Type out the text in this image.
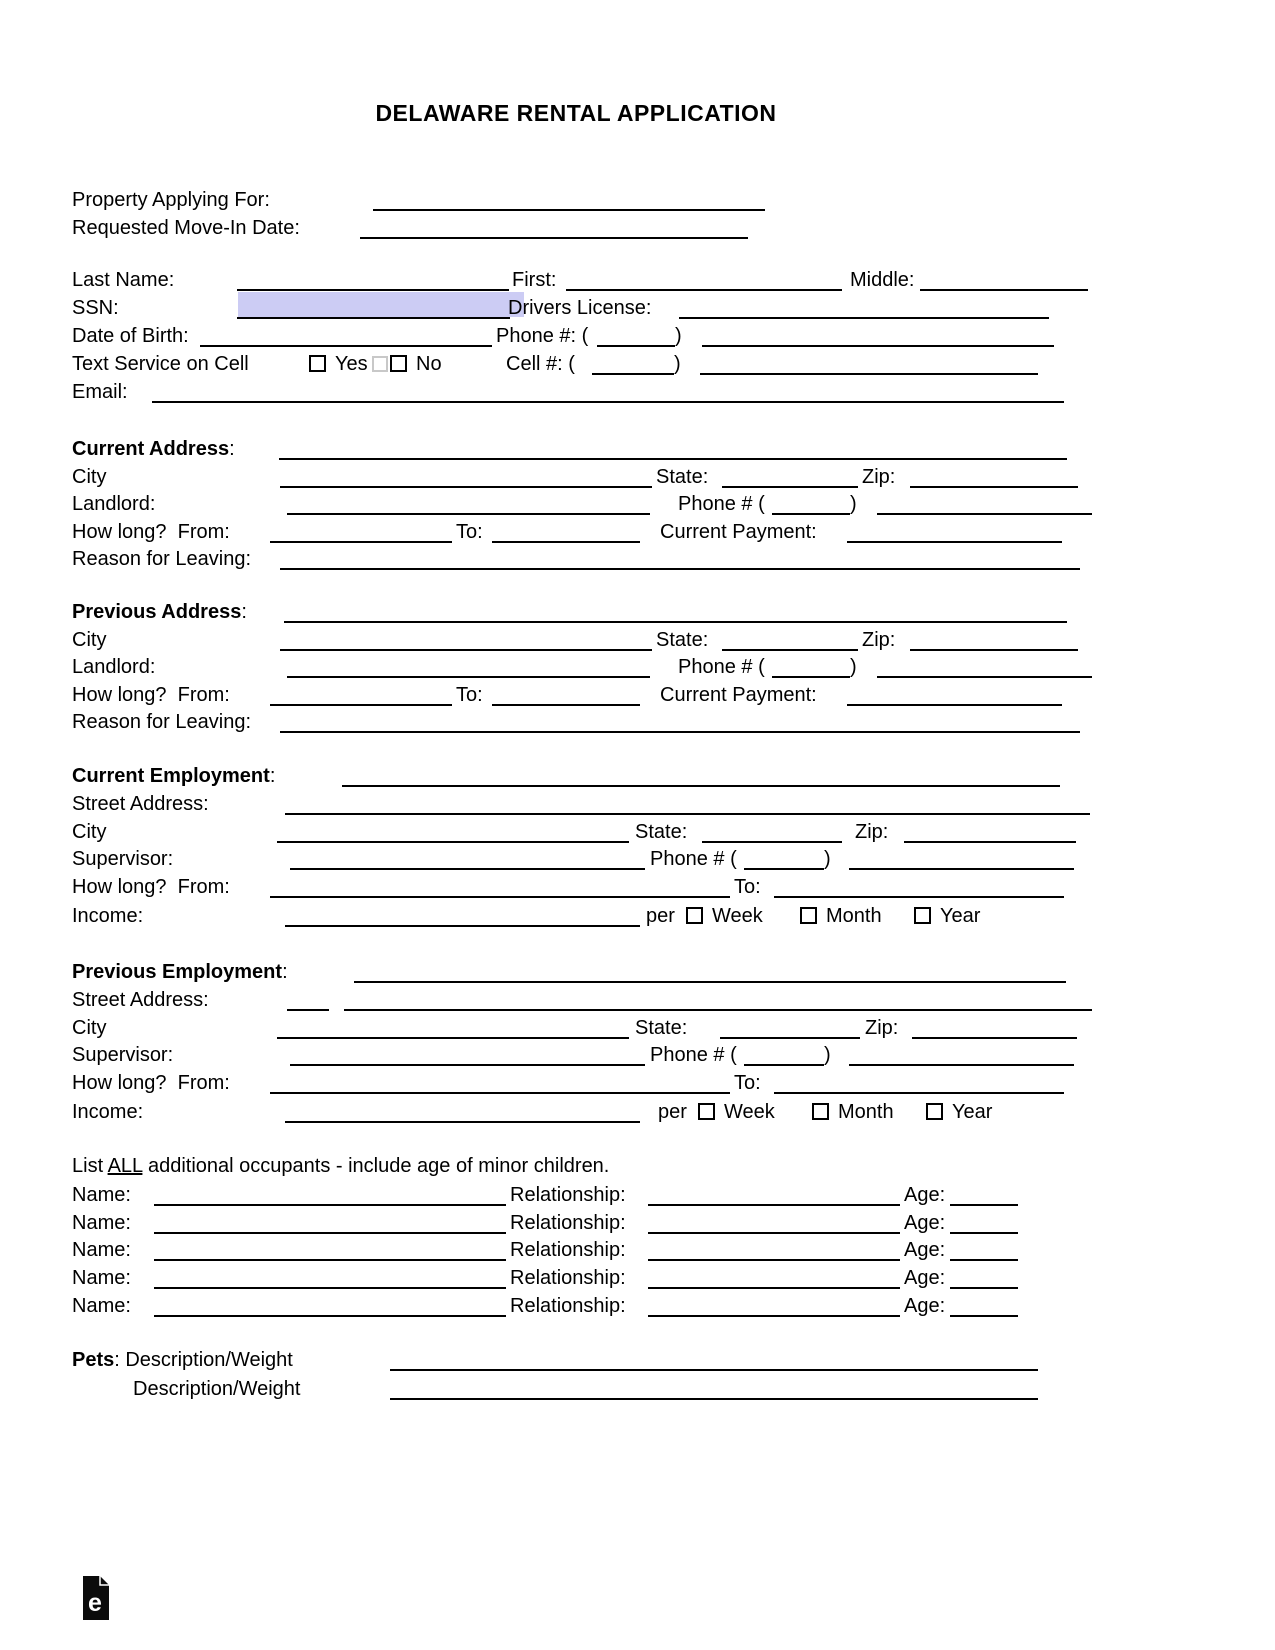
DELAWARE RENTAL APPLICATION
Property Applying For:
Requested Move-In Date:
Last Name:	First:	Middle:
SSN:	Drivers License:
Date of Birth:	Phone #: (	)
Text Service on Cell	Yes No	Cell #: (	)
Email:
Current Address:
City	State:	Zip:
Landlord:	Phone # (	)
How long?  From:	To:	Current Payment:
Reason for Leaving:
Previous Address:
City	State:	Zip:
Landlord:	Phone # (	)
How long?  From:	To:	Current Payment:
Reason for Leaving:
Current Employment:
Street Address:
City	State:	Zip:
Supervisor:	Phone # (	)
How long?  From:	To:
Income:	per Week	Month	Year
Previous Employment:
Street Address:
City	State:	Zip:
Supervisor:	Phone # (	)
How long?  From:	To:
Income:	per Week	Month	Year
List ALL additional occupants - include age of minor children.
Name:	Relationship:	Age:
Name:	Relationship:	Age:
Name:	Relationship:	Age:
Name:	Relationship:	Age:
Name:	Relationship:	Age:
Pets: Description/Weight
Description/Weight
e
